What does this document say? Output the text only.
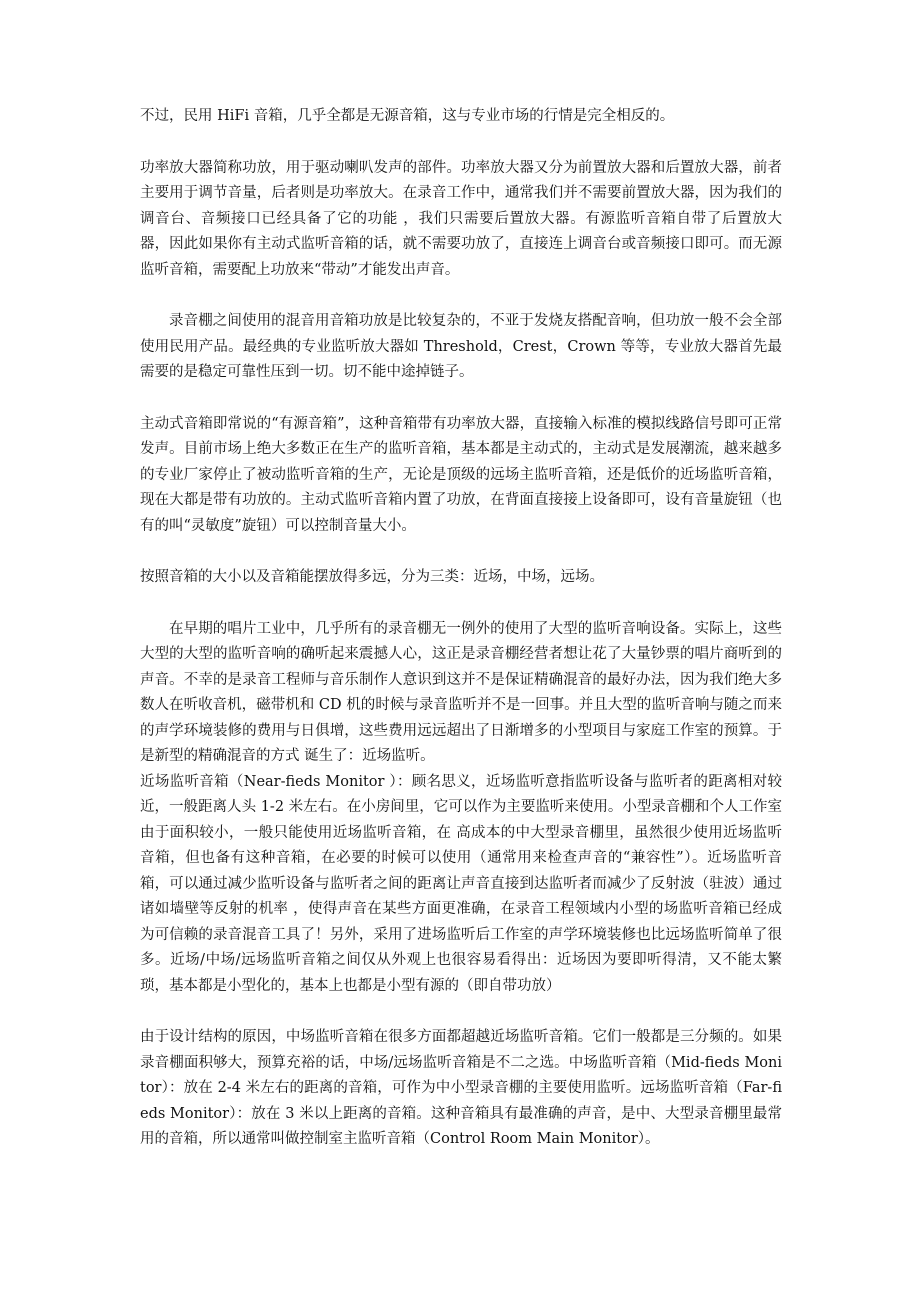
不过，民用 HiFi 音箱，几乎全都是无源音箱，这与专业市场的行情是完全相反的。

功率放大器简称功放，用于驱动喇叭发声的部件。功率放大器又分为前置放大器和后置放大器，前者主要用于调节音量，后者则是功率放大。在录音工作中，通常我们并不需要前置放大器，因为我们的调音台、音频接口已经具备了它的功能 ，我们只需要后置放大器。有源监听音箱自带了后置放大器，因此如果你有主动式监听音箱的话，就不需要功放了，直接连上调音台或音频接口即可。而无源监听音箱，需要配上功放来“带动”才能发出声音。

录音棚之间使用的混音用音箱功放是比较复杂的，不亚于发烧友搭配音响，但功放一般不会全部使用民用产品。最经典的专业监听放大器如 Threshold，Crest，Crown 等等，专业放大器首先最需要的是稳定可靠性压到一切。切不能中途掉链子。

主动式音箱即常说的“有源音箱”，这种音箱带有功率放大器，直接输入标准的模拟线路信号即可正常发声。目前市场上绝大多数正在生产的监听音箱，基本都是主动式的，主动式是发展潮流，越来越多的专业厂家停止了被动监听音箱的生产，无论是顶级的远场主监听音箱，还是低价的近场监听音箱，现在大都是带有功放的。主动式监听音箱内置了功放，在背面直接接上设备即可，设有音量旋钮（也有的叫“灵敏度”旋钮）可以控制音量大小。

按照音箱的大小以及音箱能摆放得多远，分为三类：近场，中场，远场。

在早期的唱片工业中，几乎所有的录音棚无一例外的使用了大型的监听音响设备。实际上，这些大型的大型的监听音响的确听起来震撼人心，这正是录音棚经营者想让花了大量钞票的唱片商听到的声音。不幸的是录音工程师与音乐制作人意识到这并不是保证精确混音的最好办法，因为我们绝大多数人在听收音机，磁带机和 CD 机的时候与录音监听并不是一回事。并且大型的监听音响与随之而来的声学环境装修的费用与日俱增，这些费用远远超出了日渐增多的小型项目与家庭工作室的预算。于是新型的精确混音的方式 诞生了：近场监听。

近场监听音箱（Near-fieds Monitor ）：顾名思义，近场监听意指监听设备与监听者的距离相对较近，一般距离人头 1-2 米左右。在小房间里，它可以作为主要监听来使用。小型录音棚和个人工作室由于面积较小，一般只能使用近场监听音箱，在 高成本的中大型录音棚里，虽然很少使用近场监听音箱，但也备有这种音箱，在必要的时候可以使用（通常用来检查声音的“兼容性”）。近场监听音箱，可以通过减少监听设备与监听者之间的距离让声音直接到达监听者而减少了反射波（驻波）通过诸如墙壁等反射的机率 ，使得声音在某些方面更准确，在录音工程领域内小型的场监听音箱已经成为可信赖的录音混音工具了！另外，采用了进场监听后工作室的声学环境装修也比远场监听简单了很多。近场/中场/远场监听音箱之间仅从外观上也很容易看得出：近场因为要即听得清，又不能太繁琐，基本都是小型化的，基本上也都是小型有源的（即自带功放）

由于设计结构的原因，中场监听音箱在很多方面都超越近场监听音箱。它们一般都是三分频的。如果录音棚面积够大，预算充裕的话，中场/远场监听音箱是不二之选。中场监听音箱（Mid-fieds Monitor）：放在 2-4 米左右的距离的音箱，可作为中小型录音棚的主要使用监听。远场监听音箱（Far-fieds Monitor）：放在 3 米以上距离的音箱。这种音箱具有最准确的声音，是中、大型录音棚里最常用的音箱，所以通常叫做控制室主监听音箱（Control Room Main Monitor）。
